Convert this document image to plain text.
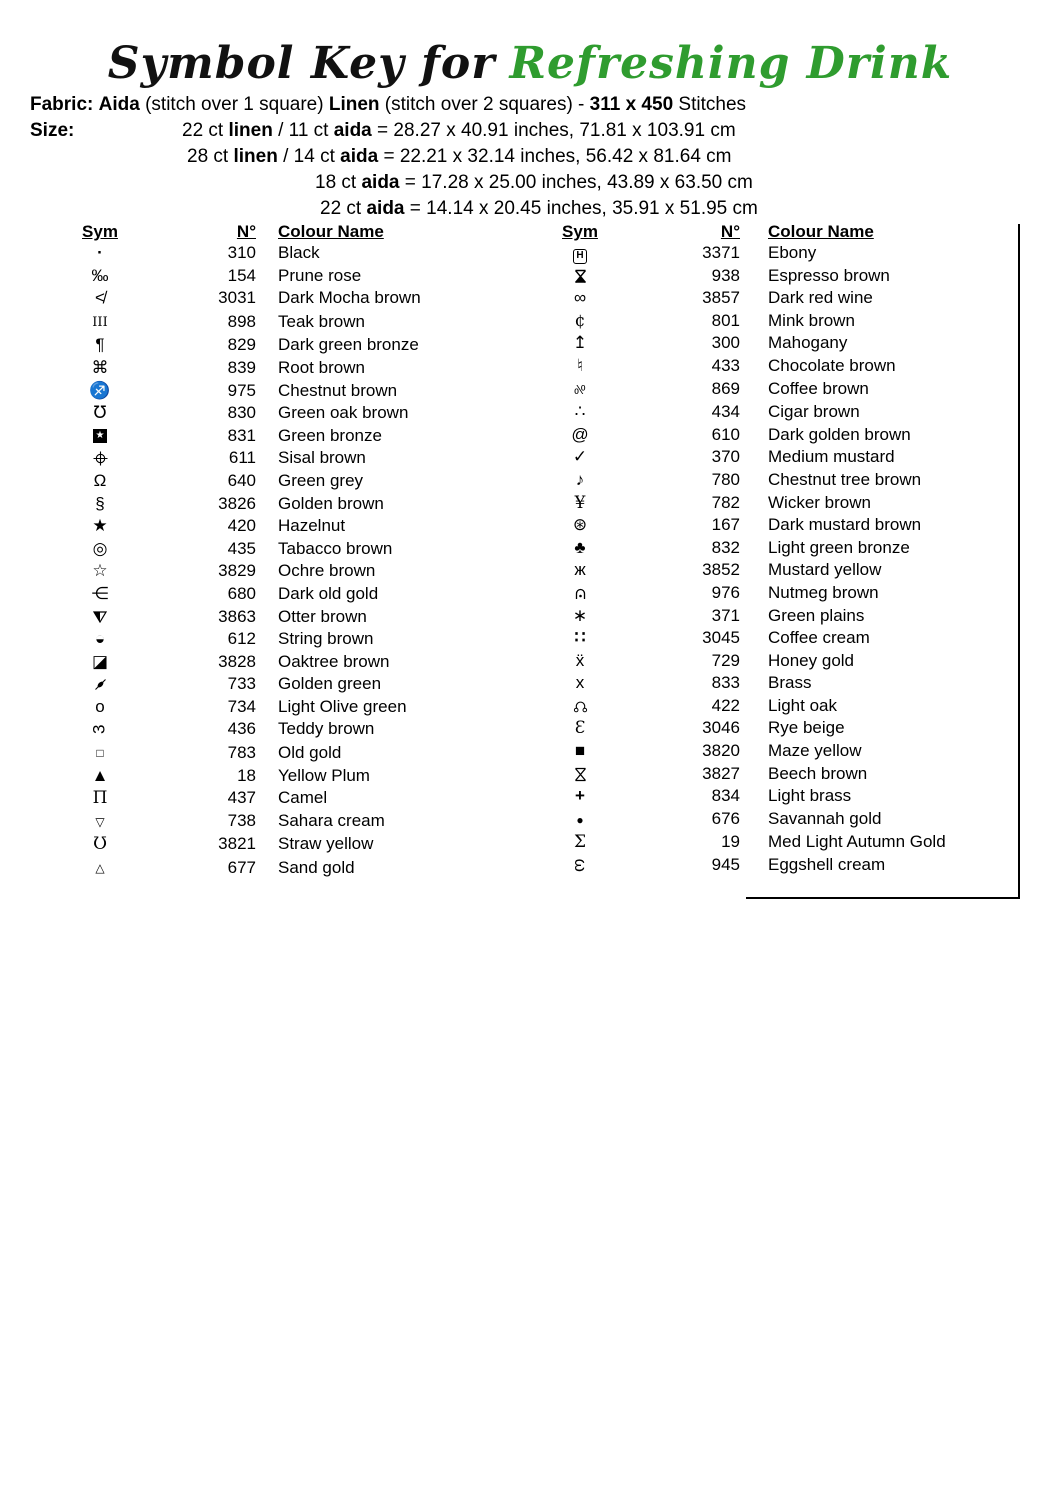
Symbol Key for Refreshing Drink
Fabric: Aida (stitch over 1 square) Linen (stitch over 2 squares) - 311 x 450 Stitches
Size:	22 ct linen / 11 ct aida = 28.27 x 40.91 inches, 71.81 x 103.91 cm
28 ct linen / 14 ct aida = 22.21 x 32.14 inches, 56.42 x 81.64 cm
18 ct aida = 17.28 x 25.00 inches, 43.89 x 63.50 cm
22 ct aida = 14.14 x 20.45 inches, 35.91 x 51.95 cm
Sym	N°	Colour Name
·	310	Black
‰	154	Prune rose
≮	3031	Dark Mocha brown
III	898	Teak brown
¶	829	Dark green bronze
⌘	839	Root brown
♐	975	Chestnut brown
℧	830	Green oak brown
★	831	Green bronze
	611	Sisal brown
Ω	640	Green grey
§	3826	Golden brown
★	420	Hazelnut
◎	435	Tabacco brown
☆	3829	Ochre brown
⋲	680	Dark old gold
	3863	Otter brown
◒	612	String brown
◪	3828	Oaktree brown
	733	Golden green
o	734	Light Olive green
3	436	Teddy brown
□	783	Old gold
▲	18	Yellow Plum
Π	437	Camel
▽	738	Sahara cream
Ʊ	3821	Straw yellow
△	677	Sand gold
Sym	N°	Colour Name
H	3371	Ebony
	938	Espresso brown
∞	3857	Dark red wine
¢	801	Mink brown
↥	300	Mahogany
♮	433	Chocolate brown
%	869	Coffee brown
∴	434	Cigar brown
@	610	Dark golden brown
✓	370	Medium mustard
♪	780	Chestnut tree brown
¥	782	Wicker brown
⊛	167	Dark mustard brown
♣	832	Light green bronze
ж	3852	Mustard yellow
	976	Nutmeg brown
∗	371	Green plains
∷	3045	Coffee cream
ẍ	729	Honey gold
x	833	Brass
	422	Light oak
Ɛ	3046	Rye beige
■	3820	Maze yellow
	3827	Beech brown
+	834	Light brass
●	676	Savannah gold
Σ	19	Med Light Autumn Gold
ω	945	Eggshell cream
